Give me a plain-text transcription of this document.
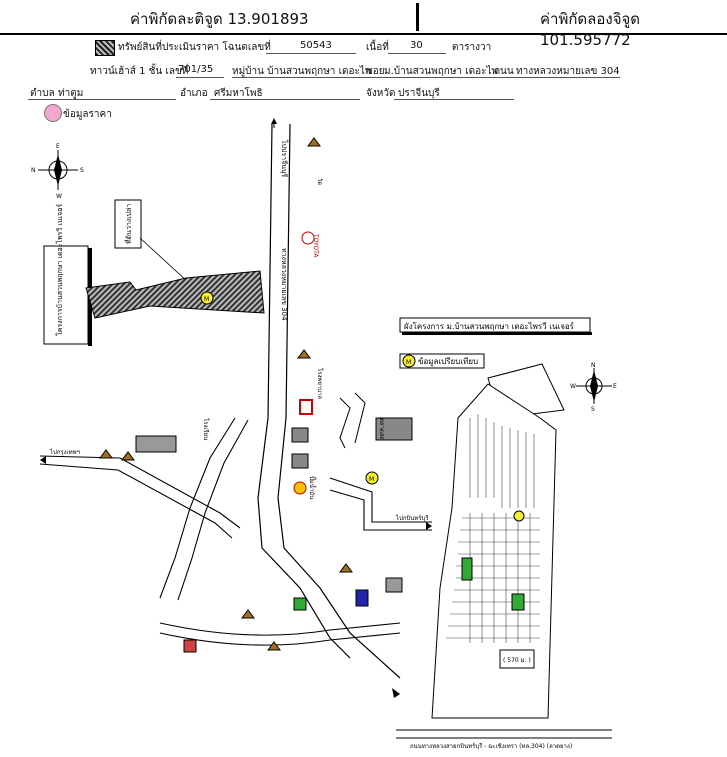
ค่าพิกัดละติจูด 13.901893	ค่าพิกัดลองจิจูด 101.595772
ทรัพย์สินที่ประเมินราคา โฉนดเลขที่	50543	เนื้อที่ 30	ตารางวา
ทาวน์เฮ้าส์ 1 ชั้น เลขที่
701/35 หมู่บ้าน บ้านสวนพฤกษา เดอะไพ
ซอย ม.บ้านสวนพฤกษา เดอะไพ
ถนน ทางหลวงหมายเลข 304
ตำบล ท่าตูม	อำเภอ ศรีมหาโพธิ	จังหวัด ปราจีนบุรี
ข้อมูลราคา
E
W
N	S
โครงการบ้านสวนพฤกษา เดอะไพรวี เนเจอร์	ที่ดินว่างเปล่า
M	ทางหลวงหมายเลข 304
ไปปราจีนบุรี
TOYOTA
ไปกรุงเทพฯ
ไปกบินทร์บุรี
โรงพยาบาล
ปั๊มน้ำมัน
วัด
โรงเรียน	ตลาดสด
M
ผังโครงการ ม.บ้านสวนพฤกษา เดอะไพรวี เนเจอร์
M ข้อมูลเปรียบเทียบ	N
S
W	E
( 570 ม. )
ถนนทางหลวงสายกบินทร์บุรี - ฉะเชิงเทรา (ทล.304) (ลาดยาง)
